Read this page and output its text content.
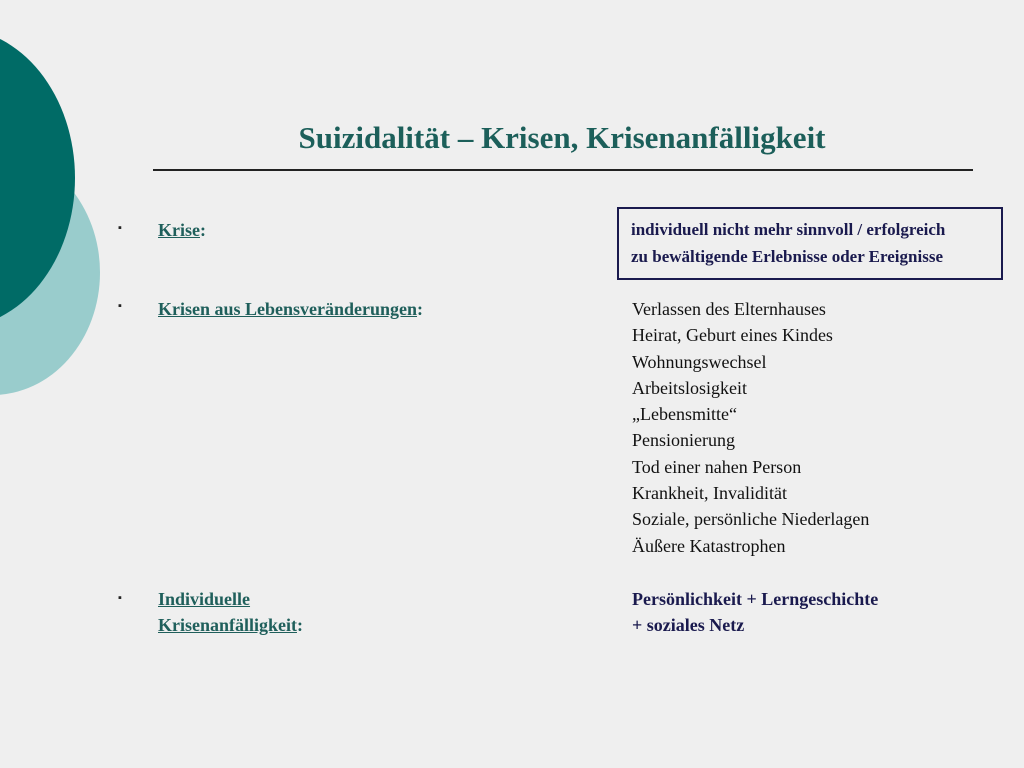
Suizidalität – Krisen, Krisenanfälligkeit
▪ Krise:	individuell nicht mehr sinnvoll / erfolgreich
zu bewältigende Erlebnisse oder Ereignisse
▪ Krisen aus Lebensveränderungen:	Verlassen des Elternhauses
Heirat, Geburt eines Kindes
Wohnungswechsel
Arbeitslosigkeit
„Lebensmitte“
Pensionierung
Tod einer nahen Person
Krankheit, Invalidität
Soziale, persönliche Niederlagen
Äußere Katastrophen
▪ Individuelle
Krisenanfälligkeit:
Persönlichkeit + Lerngeschichte
+ soziales Netz
